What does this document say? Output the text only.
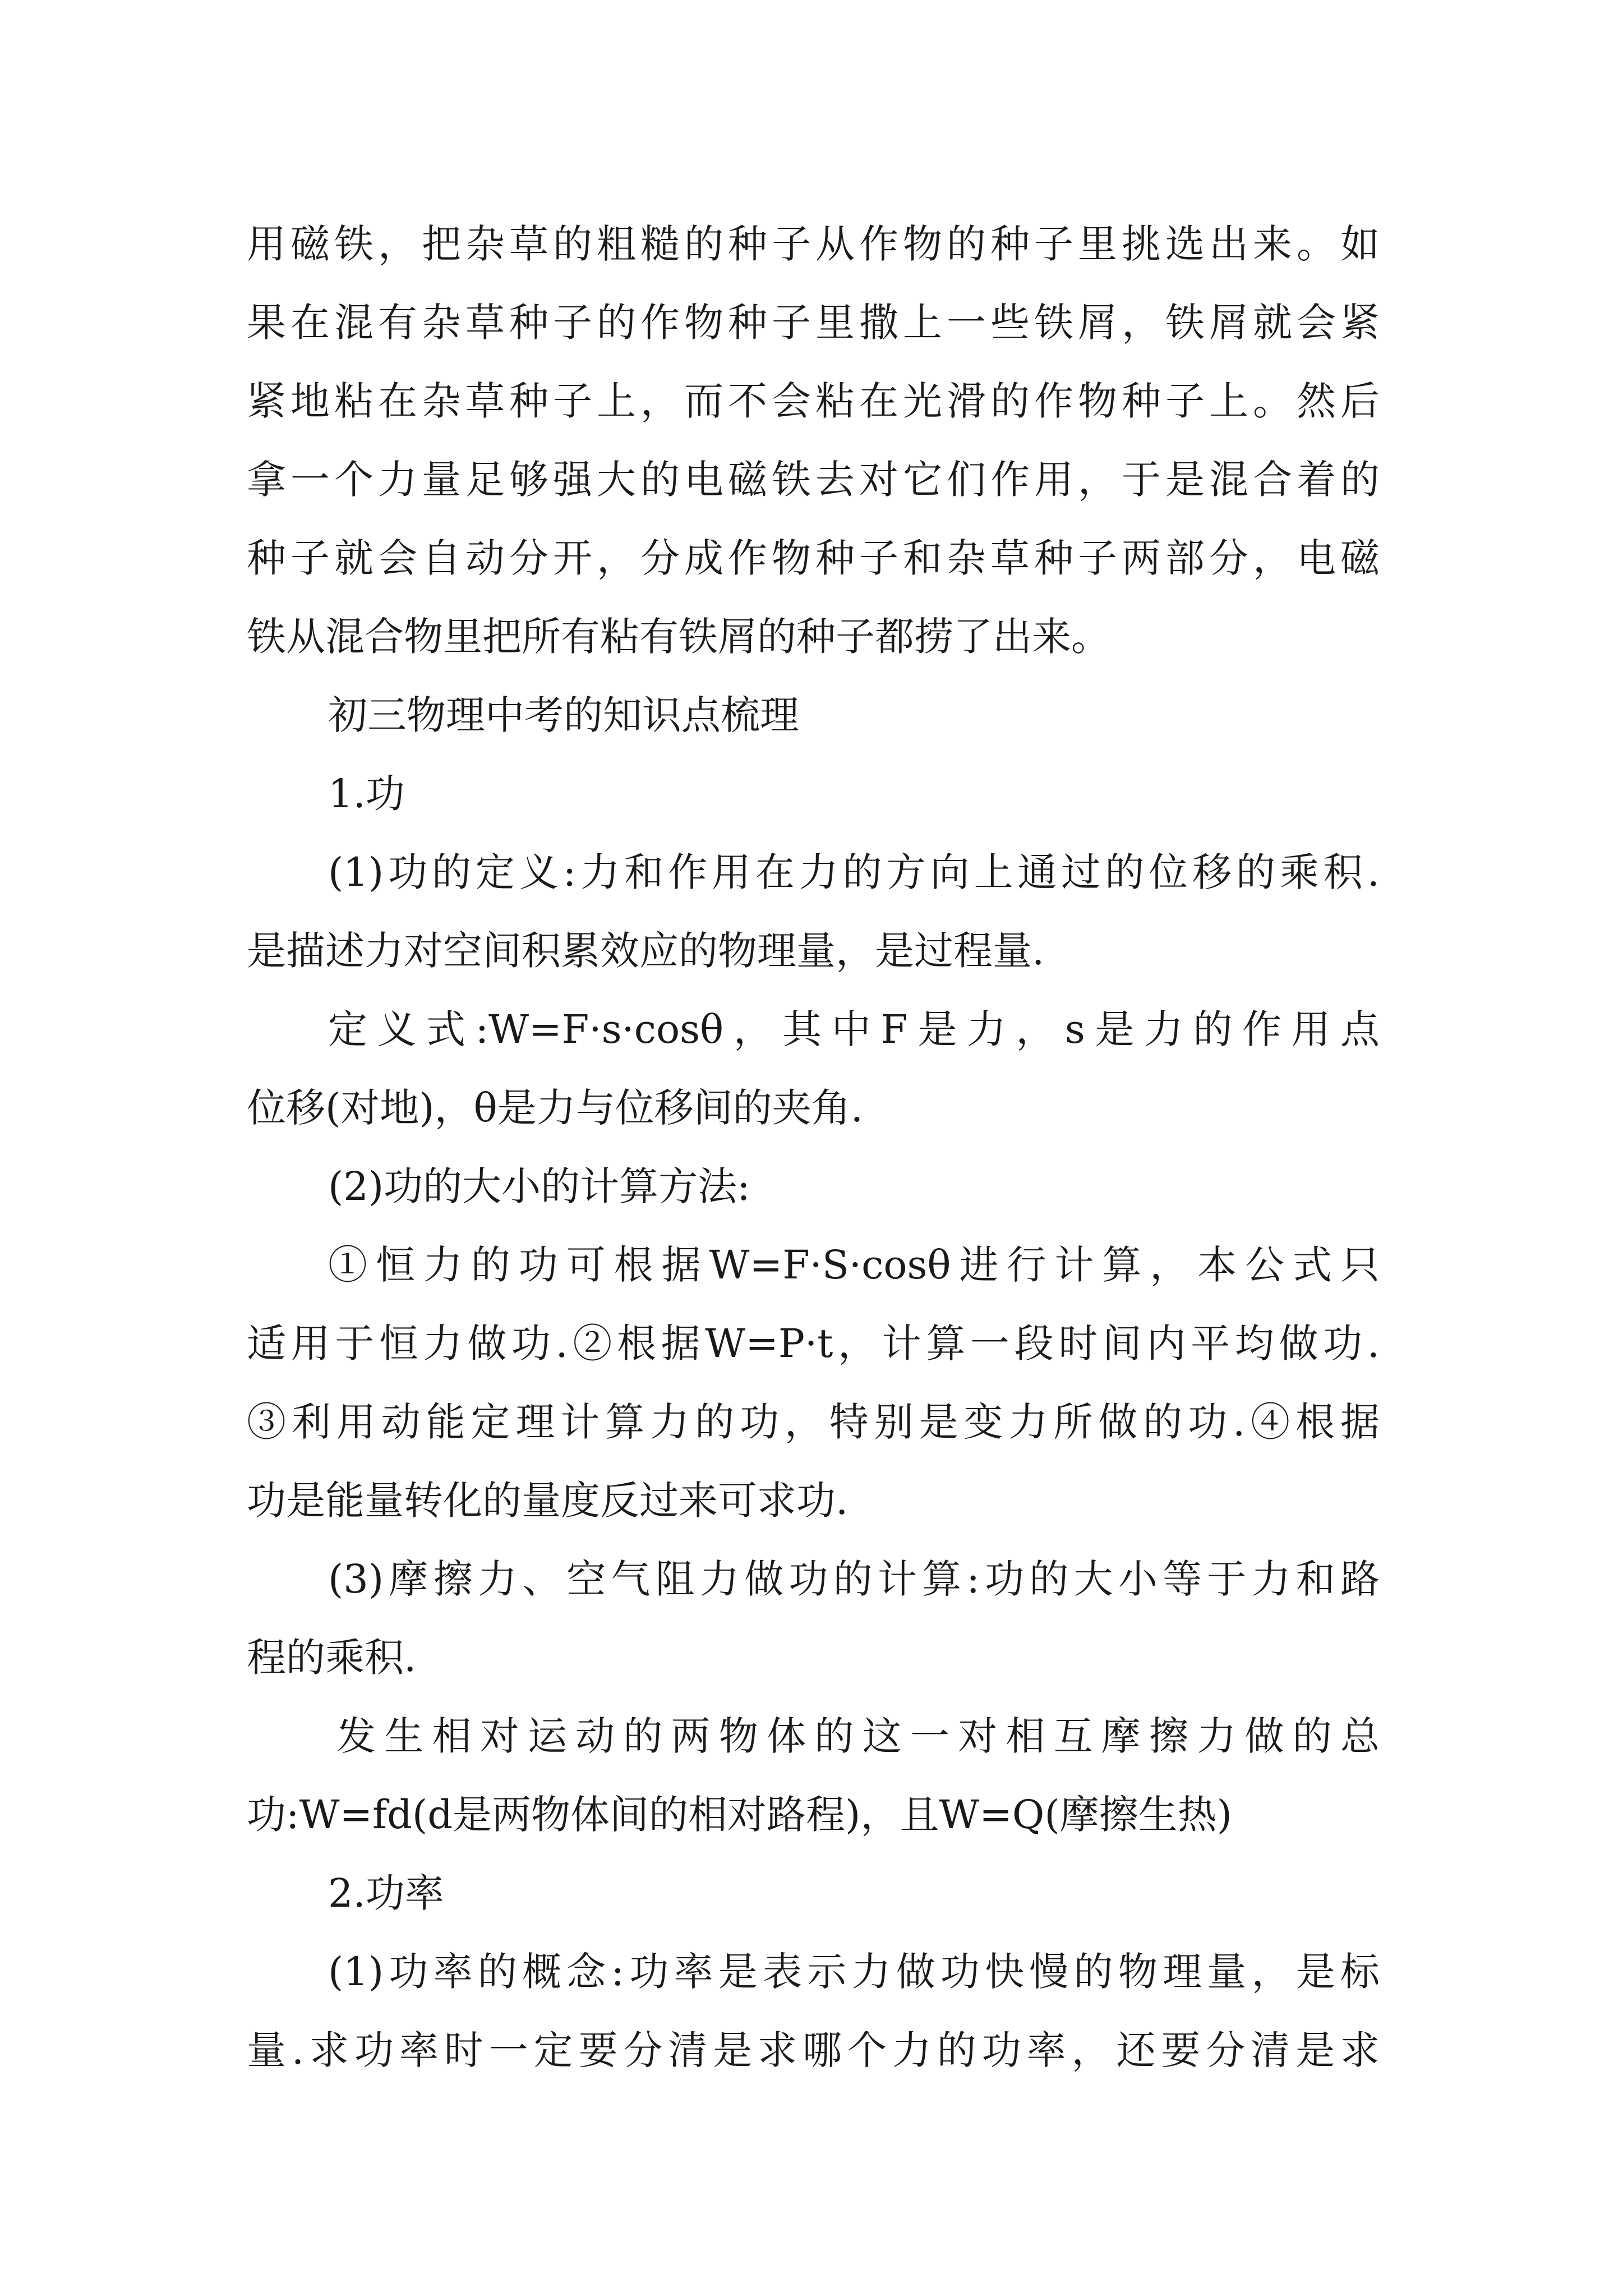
用磁铁，把杂草的粗糙的种子从作物的种子里挑选出来。如
果在混有杂草种子的作物种子里撒上一些铁屑，铁屑就会紧
紧地粘在杂草种子上，而不会粘在光滑的作物种子上。然后
拿一个力量足够强大的电磁铁去对它们作用，于是混合着的
种子就会自动分开，分成作物种子和杂草种子两部分，电磁
铁从混合物里把所有粘有铁屑的种子都捞了出来。
初三物理中考的知识点梳理
1.功
(1)功的定义:力和作用在力的方向上通过的位移的乘积.
是描述力对空间积累效应的物理量，是过程量.
定义式:W=F·s·cosθ，其中F是力，s是力的作用点
位移(对地)，θ是力与位移间的夹角.
(2)功的大小的计算方法:
①恒力的功可根据W=F·S·cosθ进行计算，本公式只
适用于恒力做功.②根据W=P·t，计算一段时间内平均做功.
③利用动能定理计算力的功，特别是变力所做的功.④根据
功是能量转化的量度反过来可求功.
(3)摩擦力、空气阻力做功的计算:功的大小等于力和路
程的乘积.
发生相对运动的两物体的这一对相互摩擦力做的总
功:W=fd(d是两物体间的相对路程)，且W=Q(摩擦生热)
2.功率
(1)功率的概念:功率是表示力做功快慢的物理量，是标
量.求功率时一定要分清是求哪个力的功率，还要分清是求
